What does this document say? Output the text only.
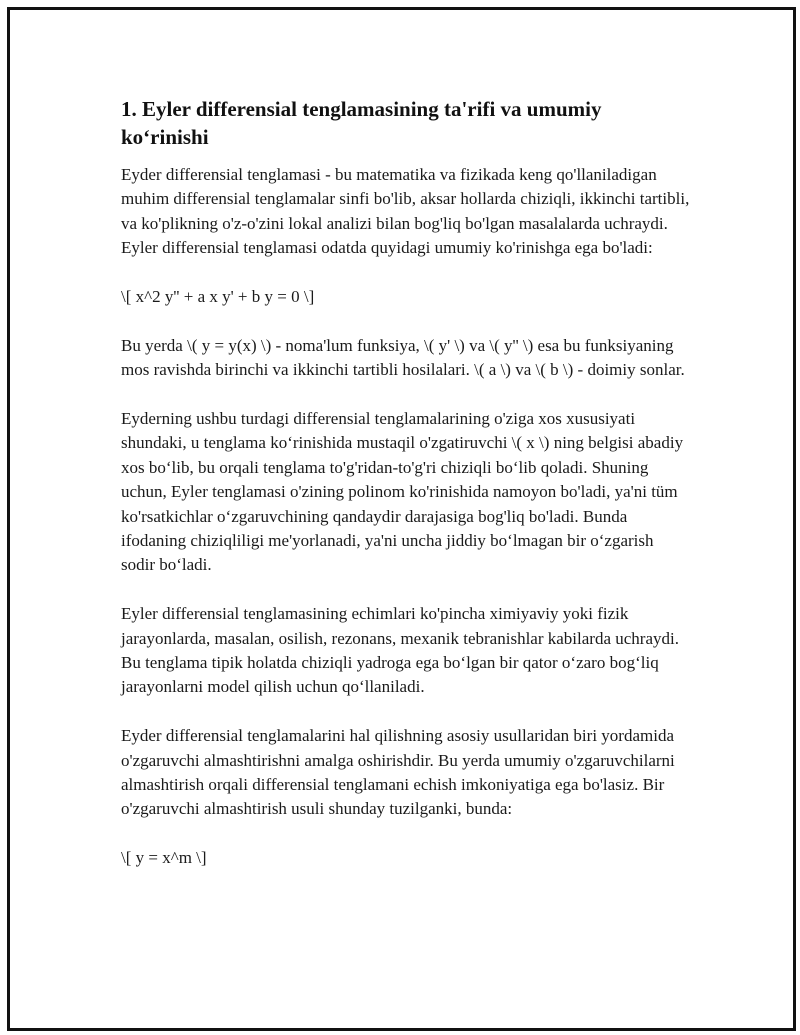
1. Eyler differensial tenglamasining ta'rifi va umumiy ko‘rinishi

Eyder differensial tenglamasi - bu matematika va fizikada keng qo'llaniladigan muhim differensial tenglamalar sinfi bo'lib, aksar hollarda chiziqli, ikkinchi tartibli, va ko'plikning o'z-o'zini lokal analizi bilan bog'liq bo'lgan masalalarda uchraydi. Eyler differensial tenglamasi odatda quyidagi umumiy ko'rinishga ega bo'ladi:

\[ x^2 y'' + a x y' + b y = 0 \]

Bu yerda \( y = y(x) \) - noma'lum funksiya, \( y' \) va \( y'' \) esa bu funksiyaning mos ravishda birinchi va ikkinchi tartibli hosilalari. \( a \) va \( b \) - doimiy sonlar.

Eyderning ushbu turdagi differensial tenglamalarining o'ziga xos xususiyati shundaki, u tenglama ko‘rinishida mustaqil o'zgatiruvchi \( x \) ning belgisi abadiy xos bo‘lib, bu orqali tenglama to'g'ridan-to'g'ri chiziqli bo‘lib qoladi. Shuning uchun, Eyler tenglamasi o'zining polinom ko'rinishida namoyon bo'ladi, ya'ni tüm ko'rsatkichlar o‘zgaruvchining qandaydir darajasiga bog'liq bo'ladi. Bunda ifodaning chiziqliligi me'yorlanadi, ya'ni uncha jiddiy bo‘lmagan bir o‘zgarish sodir bo‘ladi.

Eyler differensial tenglamasining echimlari ko'pincha ximiyaviy yoki fizik jarayonlarda, masalan, osilish, rezonans, mexanik tebranishlar kabilarda uchraydi. Bu tenglama tipik holatda chiziqli yadroga ega bo‘lgan bir qator o‘zaro bog‘liq jarayonlarni model qilish uchun qo‘llaniladi.

Eyder differensial tenglamalarini hal qilishning asosiy usullaridan biri yordamida o'zgaruvchi almashtirishni amalga oshirishdir. Bu yerda umumiy o'zgaruvchilarni almashtirish orqali differensial tenglamani echish imkoniyatiga ega bo'lasiz. Bir o'zgaruvchi almashtirish usuli shunday tuzilganki, bunda:

\[ y = x^m \]
